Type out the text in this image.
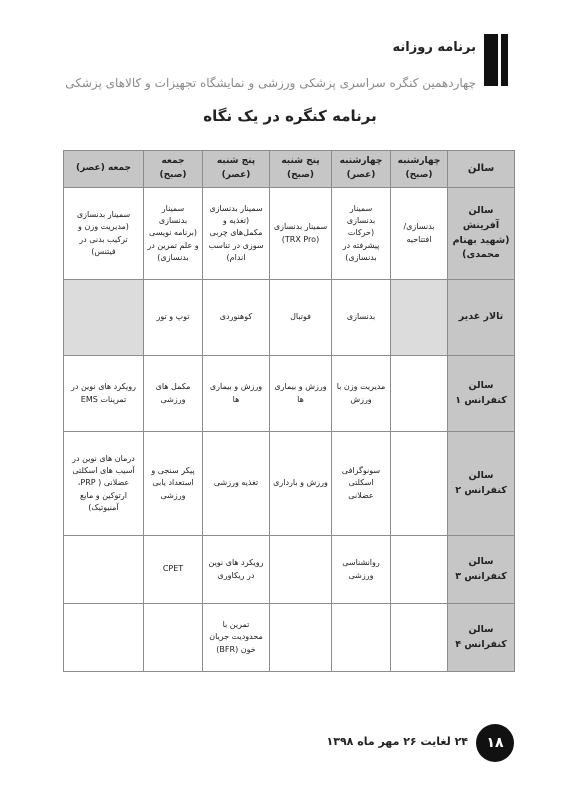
برنامه روزانه
چهاردهمین کنگره سراسری پزشکی ورزشی و نمایشگاه تجهیزات و کالاهای پزشکی
برنامه کنگره در یک نگاه
سالن	چهارشنبه (صبح)	چهارشنبه (عصر)	پنج شنبه (صبح)	پنج شنبه (عصر)	جمعه (صبح)	جمعه (عصر)
سالن آفرینش (شهید بهنام محمدی)	بدنسازی/ افتتاحیه	سمینار بدنسازی (حرکات پیشرفته در بدنسازی)	سمینار بدنسازی (TRX Pro)	سمینار بدنسازی (تغذیه و مکمل‌های چربی سوزی در تناسب اندام)	سمینار بدنسازی (برنامه نویسی و علم تمرین در بدنسازی)	سمینار بدنسازی (مدیریت وزن و ترکیب بدنی در فیتنس)
تالار غدیر		بدنسازی	فوتبال	کوهنوردی	توپ و تور	
سالن کنفرانس ۱		مدیریت وزن با ورزش	ورزش و بیماری ها	ورزش و بیماری ها	مکمل های ورزشی	رویکرد های نوین در تمرینات EMS
سالن کنفرانس ۲		سونوگرافی اسکلتی عضلانی	ورزش و بارداری	تغذیه ورزشی	پیکر سنجی و استعداد یابی ورزشی	درمان های نوین در آسیب های اسکلتی عضلانی ( PRP، ارتوکین و مایع آمنیوتیک)
سالن کنفرانس ۳		روانشناسی ورزشی		رویکرد های نوین در ریکاوری	CPET	
سالن کنفرانس ۴				تمرین با محدودیت جریان خون (BFR)		
۲۴ لغایت ۲۶ مهر ماه ۱۳۹۸ ۱۸
